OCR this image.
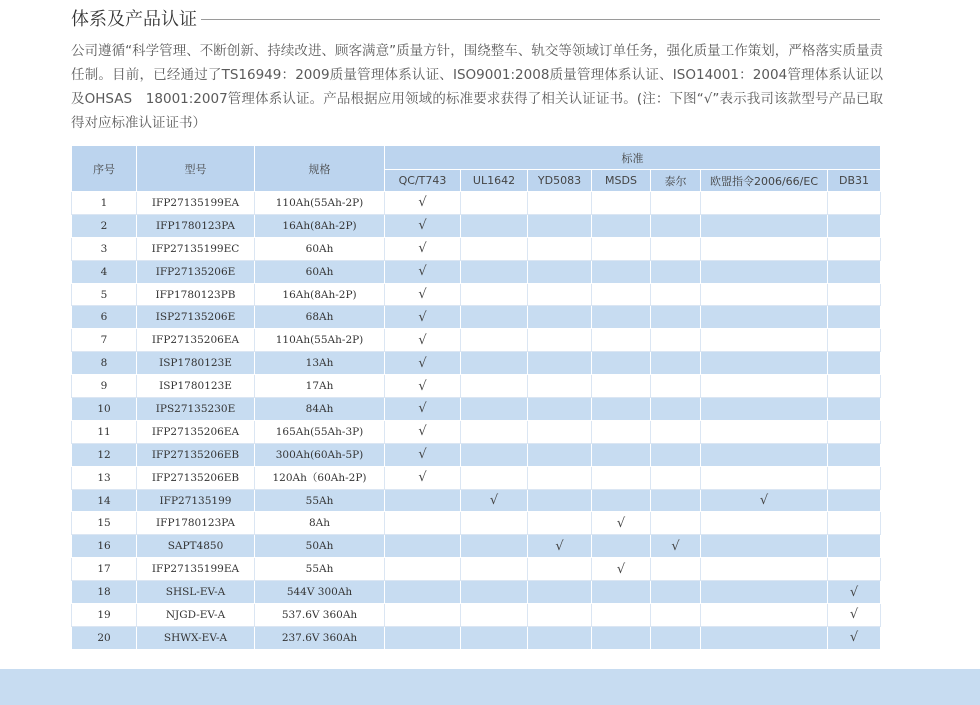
体系及产品认证

公司遵循“科学管理、不断创新、持续改进、顾客满意”质量方针，围绕整车、轨交等领域订单任务，强化质量工作策划，严格落实质量责任制。目前，已经通过了TS16949：2009质量管理体系认证、ISO9001:2008质量管理体系认证、ISO14001：2004管理体系认证以及OHSAS　18001:2007管理体系认证。产品根据应用领域的标准要求获得了相关认证证书。(注：下图“√”表示我司该款型号产品已取得对应标准认证证书）

序号	型号	规格	标准						
			QC/T743	UL1642	YD5083	MSDS	泰尔	欧盟指令2006/66/EC	DB31
1	IFP27135199EA	110Ah(55Ah-2P)	√						
2	IFP1780123PA	16Ah(8Ah-2P)	√						
3	IFP27135199EC	60Ah	√						
4	IFP27135206E	60Ah	√						
5	IFP1780123PB	16Ah(8Ah-2P)	√						
6	ISP27135206E	68Ah	√						
7	IFP27135206EA	110Ah(55Ah-2P)	√						
8	ISP1780123E	13Ah	√						
9	ISP1780123E	17Ah	√						
10	IPS27135230E	84Ah	√						
11	IFP27135206EA	165Ah(55Ah-3P)	√						
12	IFP27135206EB	300Ah(60Ah-5P)	√						
13	IFP27135206EB	120Ah（60Ah-2P)	√						
14	IFP27135199	55Ah		√				√	
15	IFP1780123PA	8Ah				√			
16	SAPT4850	50Ah			√		√		
17	IFP27135199EA	55Ah				√			
18	SHSL-EV-A	544V 300Ah							√
19	NJGD-EV-A	537.6V 360Ah							√
20	SHWX-EV-A	237.6V 360Ah							√
